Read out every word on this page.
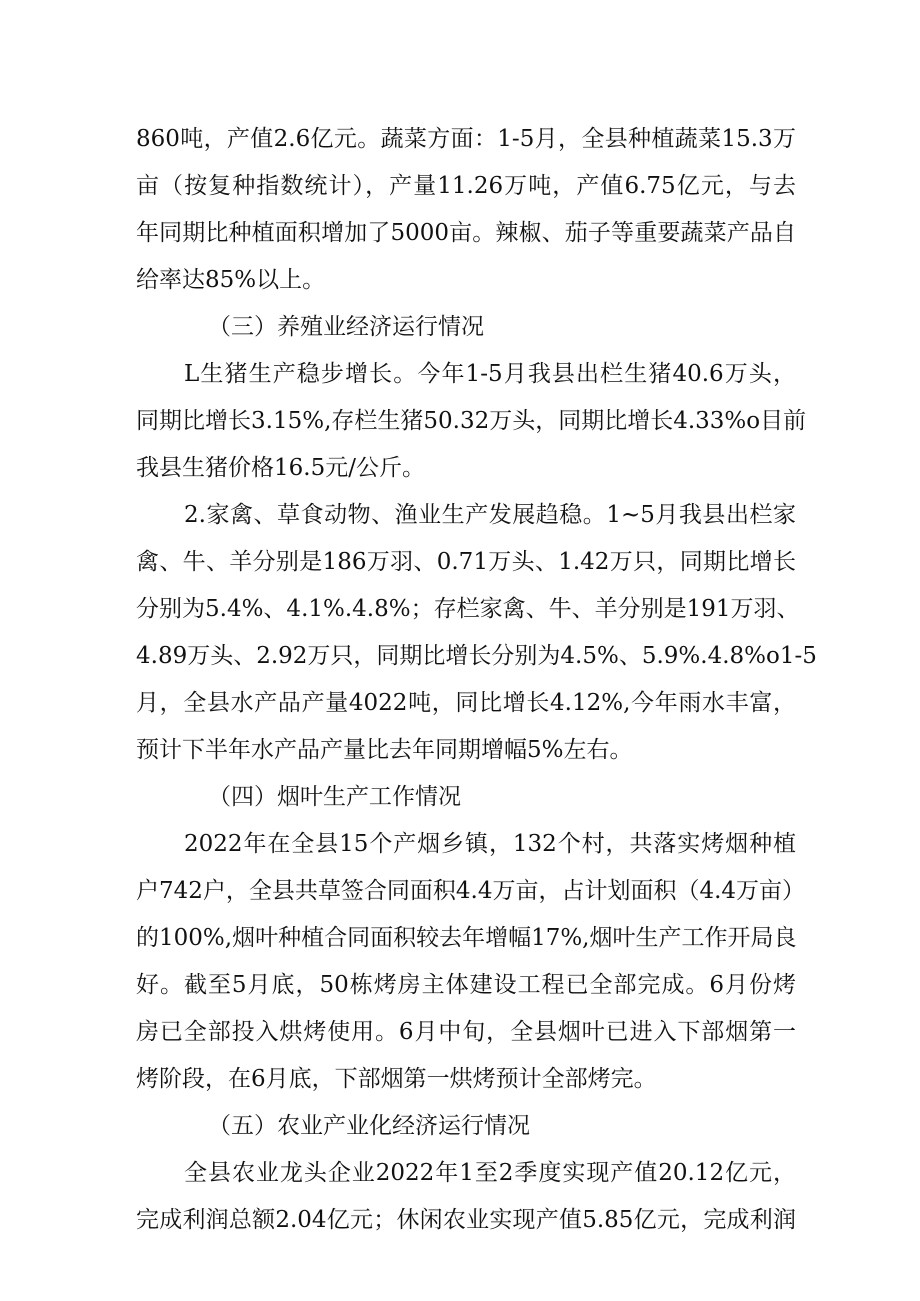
860吨，产值2.6亿元。蔬菜方面：1-5月，全县种植蔬菜15.3万
亩（按复种指数统计），产量11.26万吨，产值6.75亿元，与去
年同期比种植面积增加了5000亩。辣椒、茄子等重要蔬菜产品自
给率达85%以上。
（三）养殖业经济运行情况
L生猪生产稳步增长。今年1-5月我县出栏生猪40.6万头，
同期比增长3.15%,存栏生猪50.32万头，同期比增长4.33%o目前
我县生猪价格16.5元/公斤。
2.家禽、草食动物、渔业生产发展趋稳。1~5月我县出栏家
禽、牛、羊分别是186万羽、0.71万头、1.42万只，同期比增长
分别为5.4%、4.1%.4.8%；存栏家禽、牛、羊分别是191万羽、
4.89万头、2.92万只，同期比增长分别为4.5%、5.9%.4.8%o1-5
月，全县水产品产量4022吨，同比增长4.12%,今年雨水丰富，
预计下半年水产品产量比去年同期增幅5%左右。
（四）烟叶生产工作情况
2022年在全县15个产烟乡镇，132个村，共落实烤烟种植
户742户，全县共草签合同面积4.4万亩，占计划面积（4.4万亩）
的100%,烟叶种植合同面积较去年增幅17%,烟叶生产工作开局良
好。截至5月底，50栋烤房主体建设工程已全部完成。6月份烤
房已全部投入烘烤使用。6月中旬，全县烟叶已进入下部烟第一
烤阶段，在6月底，下部烟第一烘烤预计全部烤完。
（五）农业产业化经济运行情况
全县农业龙头企业2022年1至2季度实现产值20.12亿元，
完成利润总额2.04亿元；休闲农业实现产值5.85亿元，完成利润
